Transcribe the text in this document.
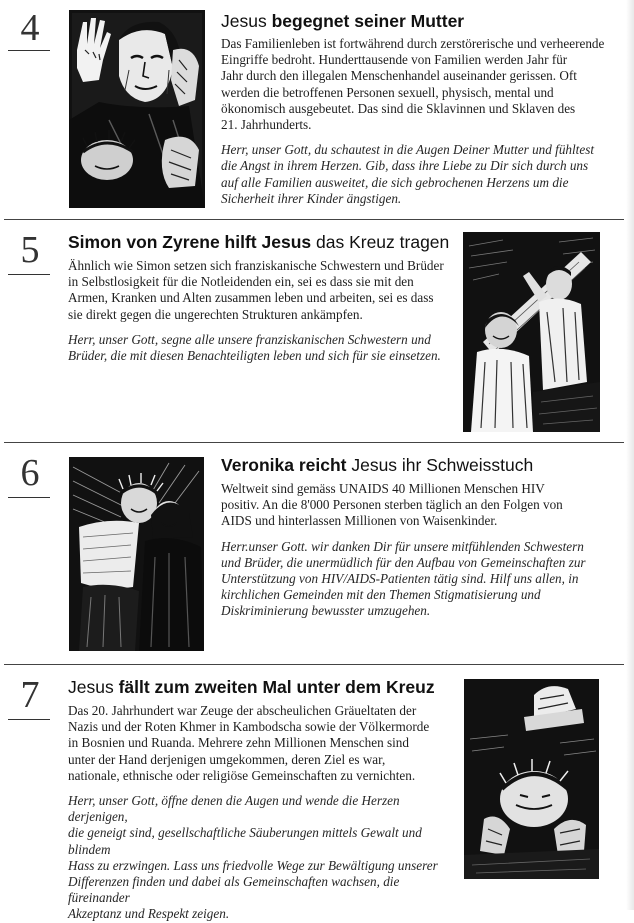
4	Jesus begegnet seiner Mutter

Das Familienleben ist fortwährend durch zerstörerische und verheerende

Eingriffe bedroht. Hunderttausende von Familien werden Jahr für

Jahr durch den illegalen Menschenhandel auseinander gerissen. Oft

werden die betroffenen Personen sexuell, physisch, mental und

ökonomisch ausgebeutet. Das sind die Sklavinnen und Sklaven des

21. Jahrhunderts.

Herr, unser Gott, du schautest in die Augen Deiner Mutter und fühltest

die Angst in ihrem Herzen. Gib, dass ihre Liebe zu Dir sich durch uns

auf alle Familien ausweitet, die sich gebrochenen Herzens um die

Sicherheit ihrer Kinder ängstigen.

5	Simon von Zyrene hilft Jesus das Kreuz tragen

Ähnlich wie Simon setzen sich franziskanische Schwestern und Brüder

in Selbstlosigkeit für die Notleidenden ein, sei es dass sie mit den

Armen, Kranken und Alten zusammen leben und arbeiten, sei es dass

sie direkt gegen die ungerechten Strukturen ankämpfen.

Herr, unser Gott, segne alle unsere franziskanischen Schwestern und

Brüder, die mit diesen Benachteiligten leben und sich für sie einsetzen.

6	Veronika reicht Jesus ihr Schweisstuch

Weltweit sind gemäss UNAIDS 40 Millionen Menschen HIV

positiv. An die 8'000 Personen sterben täglich an den Folgen von

AIDS und hinterlassen Millionen von Waisenkinder.

Herr.unser Gott. wir danken Dir für unsere mitfühlenden Schwestern

und Brüder, die unermüdlich für den Aufbau von Gemeinschaften zur

Unterstützung von HIV/AIDS-Patienten tätig sind. Hilf uns allen, in

kirchlichen Gemeinden mit den Themen Stigmatisierung und

Diskriminierung bewusster umzugehen.

7	Jesus fällt zum zweiten Mal unter dem Kreuz

Das 20. Jahrhundert war Zeuge der abscheulichen Gräueltaten der

Nazis und der Roten Khmer in Kambodscha sowie der Völkermorde

in Bosnien und Ruanda. Mehrere zehn Millionen Menschen sind

unter der Hand derjenigen umgekommen, deren Ziel es war,

nationale, ethnische oder religiöse Gemeinschaften zu vernichten.

Herr, unser Gott, öffne denen die Augen und wende die Herzen derjenigen,

die geneigt sind, gesellschaftliche Säuberungen mittels Gewalt und blindem

Hass zu erzwingen. Lass uns friedvolle Wege zur Bewältigung unserer

Differenzen finden und dabei als Gemeinschaften wachsen, die füreinander

Akzeptanz und Respekt zeigen.
